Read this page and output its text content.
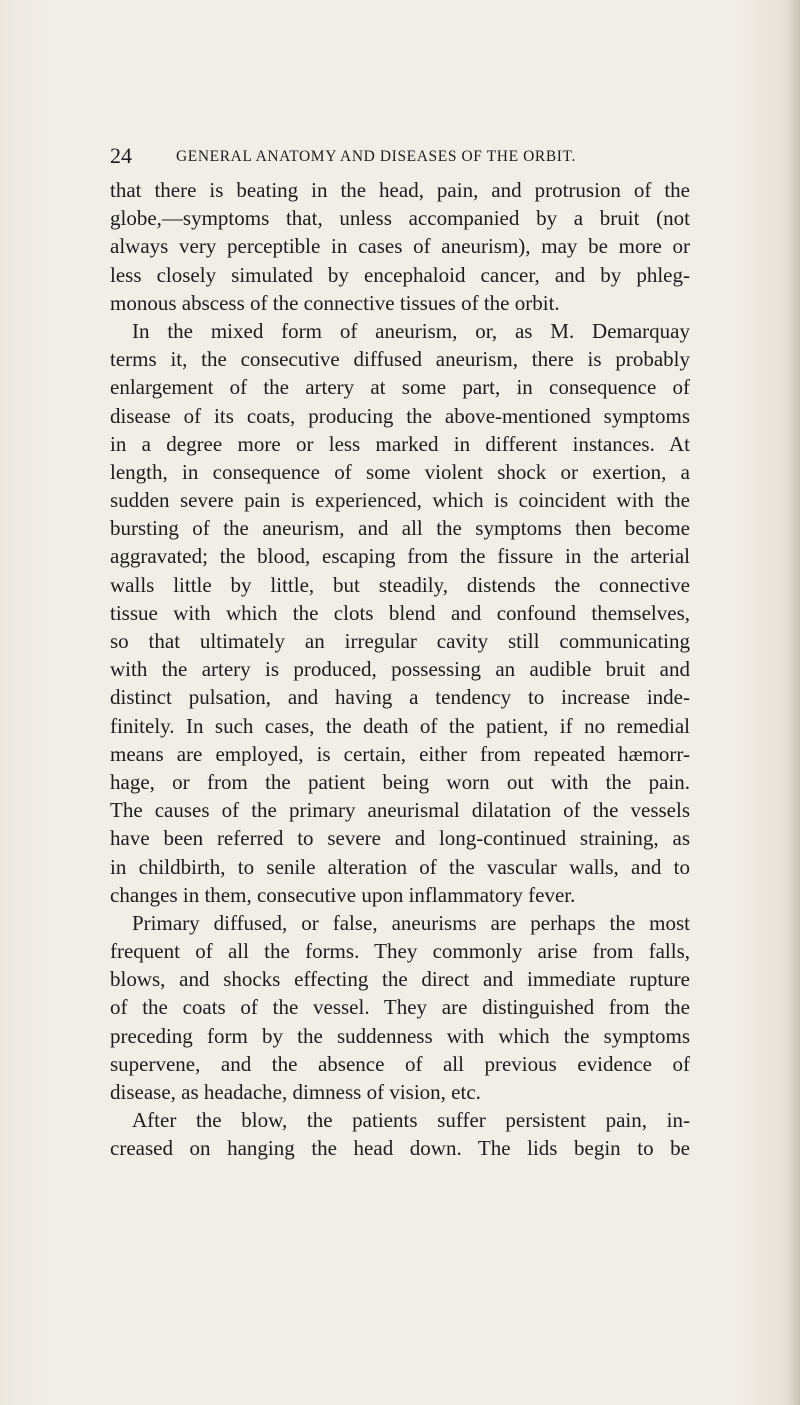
24	GENERAL ANATOMY AND DISEASES OF THE ORBIT.
that there is beating in the head, pain, and protrusion of the
globe,—symptoms that, unless accompanied by a bruit (not
always very perceptible in cases of aneurism), may be more or
less closely simulated by encephaloid cancer, and by phleg-
monous abscess of the connective tissues of the orbit.
In the mixed form of aneurism, or, as M. Demarquay
terms it, the consecutive diffused aneurism, there is probably
enlargement of the artery at some part, in consequence of
disease of its coats, producing the above-mentioned symptoms
in a degree more or less marked in different instances. At
length, in consequence of some violent shock or exertion, a
sudden severe pain is experienced, which is coincident with the
bursting of the aneurism, and all the symptoms then become
aggravated; the blood, escaping from the fissure in the arterial
walls little by little, but steadily, distends the connective
tissue with which the clots blend and confound themselves,
so that ultimately an irregular cavity still communicating
with the artery is produced, possessing an audible bruit and
distinct pulsation, and having a tendency to increase inde-
finitely. In such cases, the death of the patient, if no remedial
means are employed, is certain, either from repeated hæmorr-
hage, or from the patient being worn out with the pain.
The causes of the primary aneurismal dilatation of the vessels
have been referred to severe and long-continued straining, as
in childbirth, to senile alteration of the vascular walls, and to
changes in them, consecutive upon inflammatory fever.
Primary diffused, or false, aneurisms are perhaps the most
frequent of all the forms. They commonly arise from falls,
blows, and shocks effecting the direct and immediate rupture
of the coats of the vessel. They are distinguished from the
preceding form by the suddenness with which the symptoms
supervene, and the absence of all previous evidence of
disease, as headache, dimness of vision, etc.
After the blow, the patients suffer persistent pain, in-
creased on hanging the head down. The lids begin to be
